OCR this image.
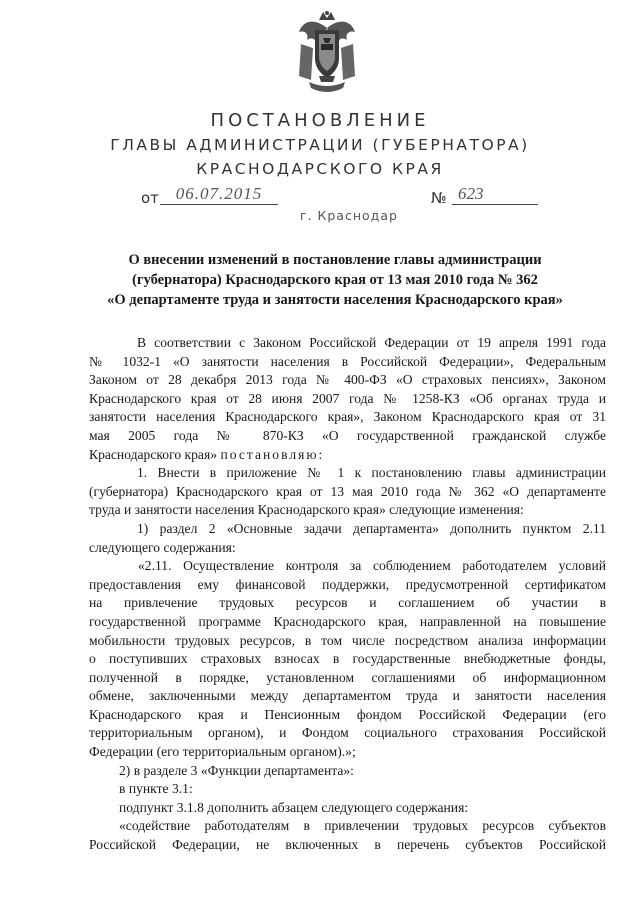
ПОСТАНОВЛЕНИЕ
ГЛАВЫ АДМИНИСТРАЦИИ (ГУБЕРНАТОРА)
КРАСНОДАРСКОГО КРАЯ
от 06.07.2015	№ 623
г. Краснодар
О внесении изменений в постановление главы администрации
(губернатора) Краснодарского края от 13 мая 2010 года № 362
«О департаменте труда и занятости населения Краснодарского края»

В соответствии с Законом Российской Федерации от 19 апреля 1991 года

№ 1032-1 «О занятости населения в Российской Федерации», Федеральным

Законом от 28 декабря 2013 года № 400-ФЗ «О страховых пенсиях», Законом

Краснодарского края от 28 июня 2007 года № 1258-КЗ «Об органах труда и

занятости населения Краснодарского края», Законом Краснодарского края от 31

мая 2005 года № 870-КЗ «О государственной гражданской службе

Краснодарского края» постановляю:

1. Внести в приложение № 1 к постановлению главы администрации

(губернатора) Краснодарского края от 13 мая 2010 года № 362 «О департаменте

труда и занятости населения Краснодарского края» следующие изменения:

1) раздел 2 «Основные задачи департамента» дополнить пунктом 2.11

следующего содержания:

«2.11. Осуществление контроля за соблюдением работодателем условий

предоставления ему финансовой поддержки, предусмотренной сертификатом

на привлечение трудовых ресурсов и соглашением об участии в

государственной программе Краснодарского края, направленной на повышение

мобильности трудовых ресурсов, в том числе посредством анализа информации

о поступивших страховых взносах в государственные внебюджетные фонды,

полученной в порядке, установленном соглашениями об информационном

обмене, заключенными между департаментом труда и занятости населения

Краснодарского края и Пенсионным фондом Российской Федерации (его

территориальным органом), и Фондом социального страхования Российской

Федерации (его территориальным органом).»;

2) в разделе 3 «Функции департамента»:

в пункте 3.1:

подпункт 3.1.8 дополнить абзацем следующего содержания:

«содействие работодателям в привлечении трудовых ресурсов субъектов

Российской Федерации, не включенных в перечень субъектов Российской
